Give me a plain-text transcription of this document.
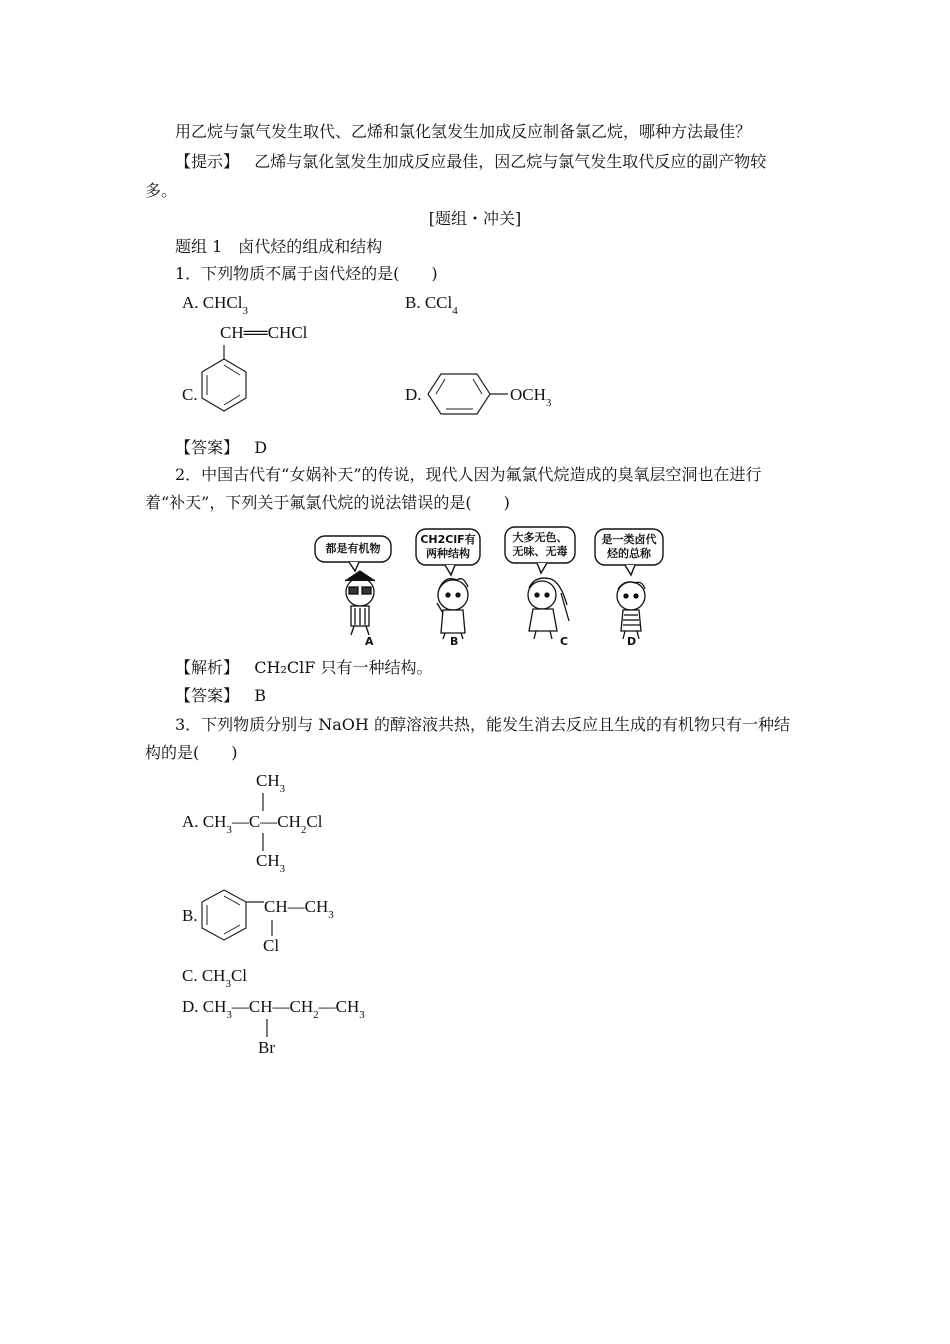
用乙烷与氯气发生取代、乙烯和氯化氢发生加成反应制备氯乙烷，哪种方法最佳？
【提示】 乙烯与氯化氢发生加成反应最佳，因乙烷与氯气发生取代反应的副产物较
多。
[题组・冲关]
题组 1　卤代烃的组成和结构
1．下列物质不属于卤代烃的是(　　)
A. CHCl$_3$	B. CCl$_4$
CH══CHCl
C.	D.	$OCH_3$
【答案】 D
2．中国古代有“女娲补天”的传说，现代人因为氟氯代烷造成的臭氧层空洞也在进行
着“补天”，下列关于氟氯代烷的说法错误的是(　　)
都是有机物
CH2ClF有
两种结构
大多无色、
无味、无毒
是一类卤代
烃的总称
A	B	C	D
【解析】 CH₂ClF 只有一种结构。
【答案】 B
3．下列物质分别与 NaOH 的醇溶液共热，能发生消去反应且生成的有机物只有一种结
构的是(　　)
$CH_3$
A. $CH_3—C—CH_2Cl$
$CH_3$
B.	$CH—CH_3$
Cl
C. $CH_3Cl$
D. $CH_3—CH—CH_2—CH_3$
Br
